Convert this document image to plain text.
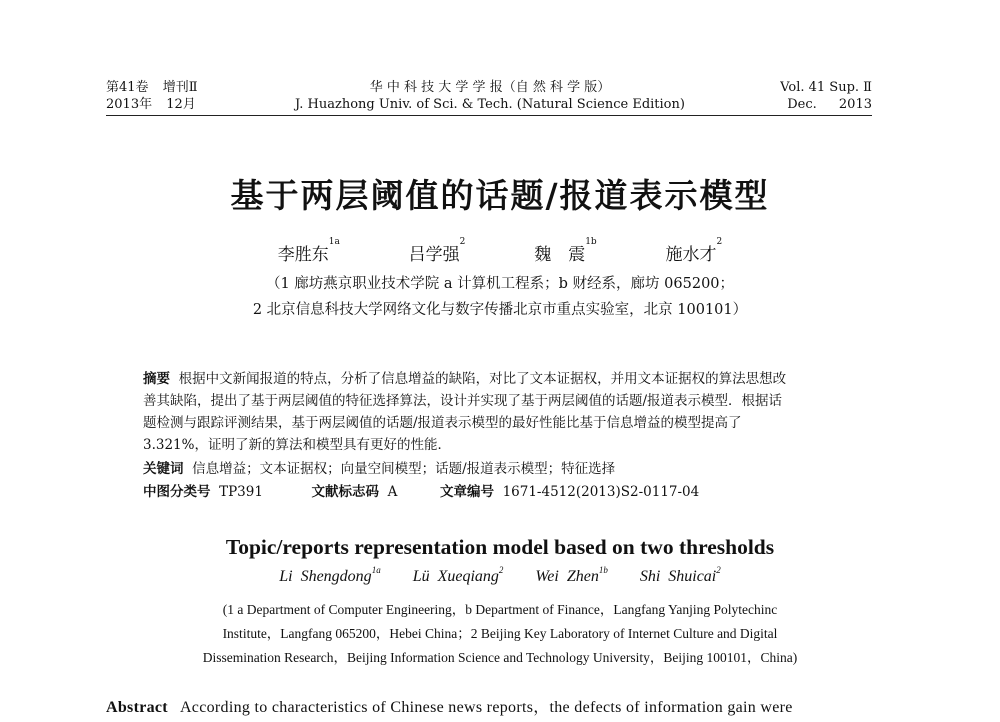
第41卷 增刊Ⅱ
2013年 12月
华 中 科 技 大 学 学 报（自 然 科 学 版）
J. Huazhong Univ. of Sci. & Tech. (Natural Science Edition)
Vol. 41 Sup. Ⅱ
Dec. 2013
基于两层阈值的话题/报道表示模型
李胜东$^{1a}$  吕学强$^2$  魏　震$^{1b}$  施水才$^2$
（1 廊坊燕京职业技术学院 a 计算机工程系；b 财经系，廊坊 065200；
2 北京信息科技大学网络文化与数字传播北京市重点实验室，北京 100101）
摘要 根据中文新闻报道的特点，分析了信息增益的缺陷，对比了文本证据权，并用文本证据权的算法思想改
善其缺陷，提出了基于两层阈值的特征选择算法，设计并实现了基于两层阈值的话题/报道表示模型．根据话
题检测与跟踪评测结果，基于两层阈值的话题/报道表示模型的最好性能比基于信息增益的模型提高了
3.321%，证明了新的算法和模型具有更好的性能．
关键词 信息增益；文本证据权；向量空间模型；话题/报道表示模型；特征选择
中图分类号 TP391	文献标志码 A	文章编号 1671-4512(2013)S2-0117-04
Topic/reports representation model based on two thresholds
Li Shengdong$^{1a}$ Lü Xueqiang$^2$ Wei Zhen$^{1b}$ Shi Shuicai$^2$
(1 a Department of Computer Engineering，b Department of Finance，Langfang Yanjing Polytechinc
Institute，Langfang 065200，Hebei China；2 Beijing Key Laboratory of Internet Culture and Digital
Dissemination Research，Beijing Information Science and Technology University，Beijing 100101，China)
Abstract According to characteristics of Chinese news reports，the defects of information gain were
